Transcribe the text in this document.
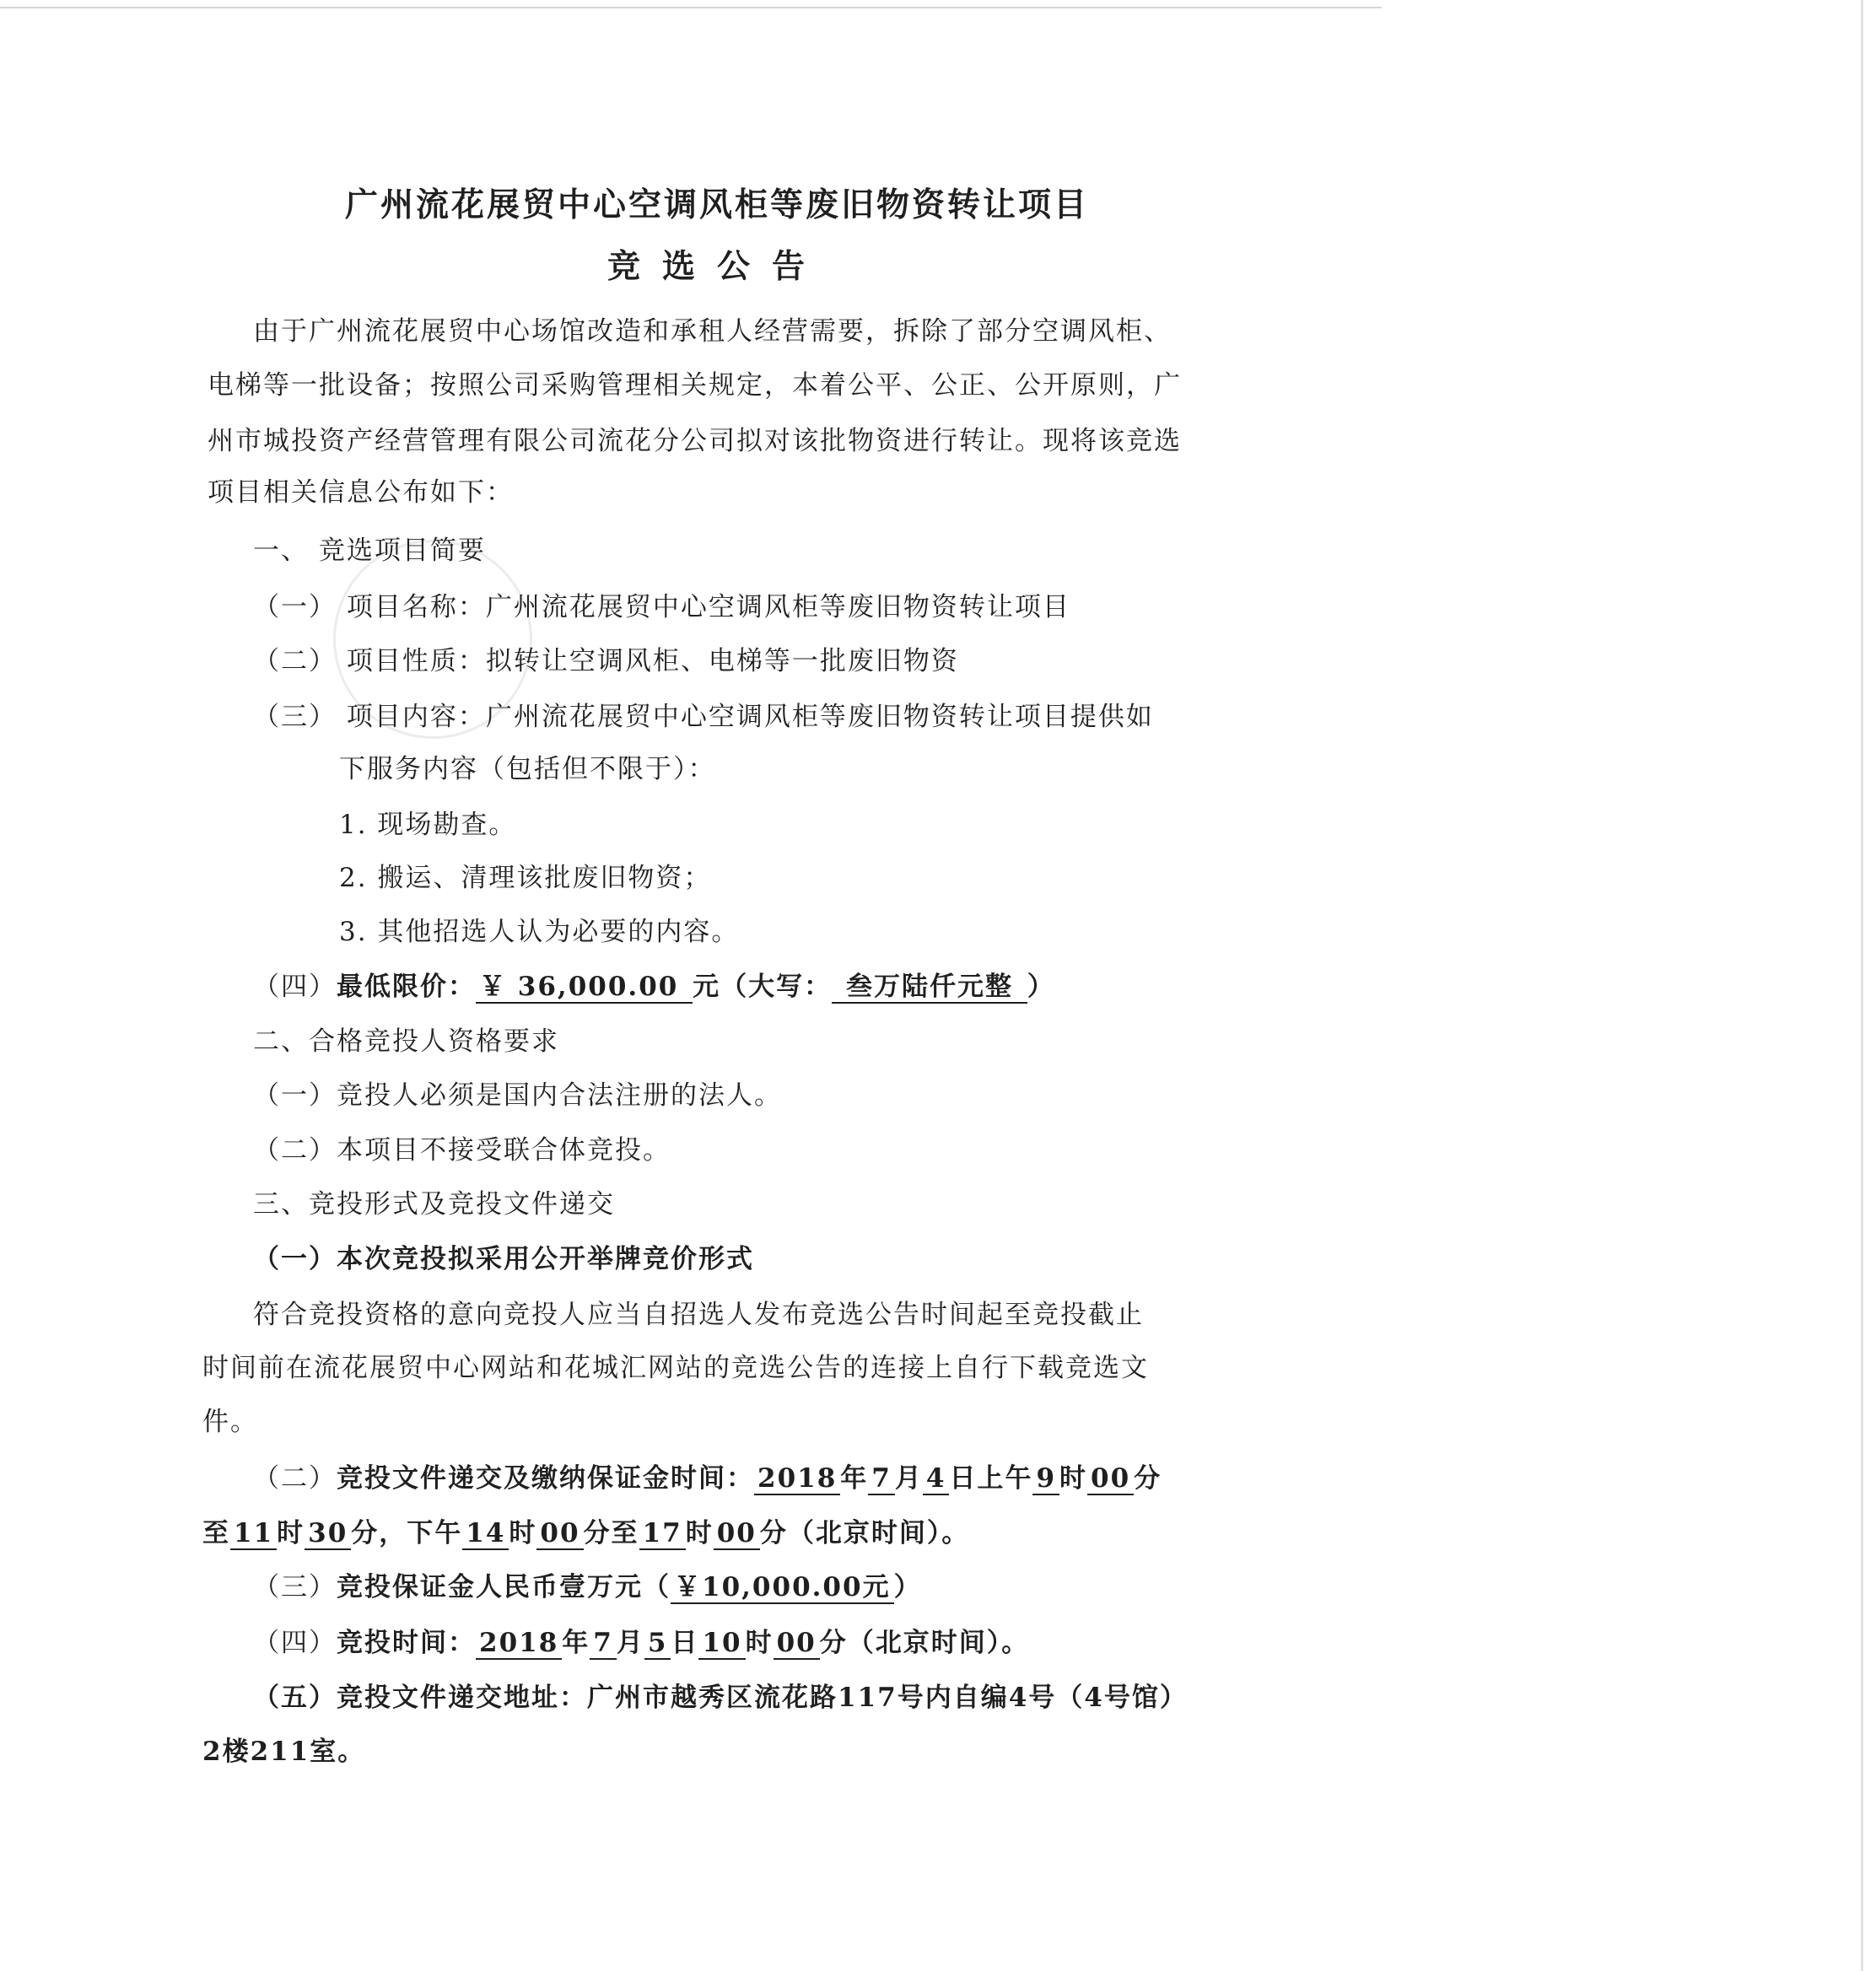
广州流花展贸中心空调风柜等废旧物资转让项目
竞选公告
由于广州流花展贸中心场馆改造和承租人经营需要，拆除了部分空调风柜、
电梯等一批设备；按照公司采购管理相关规定，本着公平、公正、公开原则，广
州市城投资产经营管理有限公司流花分公司拟对该批物资进行转让。现将该竞选
项目相关信息公布如下：
一、 竞选项目简要
（一） 项目名称：广州流花展贸中心空调风柜等废旧物资转让项目
（二） 项目性质：拟转让空调风柜、电梯等一批废旧物资
（三） 项目内容：广州流花展贸中心空调风柜等废旧物资转让项目提供如
下服务内容（包括但不限于）：
1. 现场勘查。
2. 搬运、清理该批废旧物资；
3. 其他招选人认为必要的内容。
（四）最低限价： ￥ 36,000.00 元（大写： 叁万陆仟元整 ）
二、合格竞投人资格要求
（一）竞投人必须是国内合法注册的法人。
（二）本项目不接受联合体竞投。
三、竞投形式及竞投文件递交
（一）本次竞投拟采用公开举牌竞价形式
符合竞投资格的意向竞投人应当自招选人发布竞选公告时间起至竞投截止
时间前在流花展贸中心网站和花城汇网站的竞选公告的连接上自行下载竞选文
件。
（二）竞投文件递交及缴纳保证金时间： 2018 年 7 月 4 日上午 9 时 00 分
至 11 时 30 分，下午 14 时 00 分至 17 时 00 分（北京时间）。
（三）竞投保证金人民币壹万元（ ￥10,000.00元 ）
（四）竞投时间： 2018 年 7 月 5 日 10 时 00 分（北京时间）。
（五）竞投文件递交地址：广州市越秀区流花路117号内自编4号（4号馆）
2楼211室。
